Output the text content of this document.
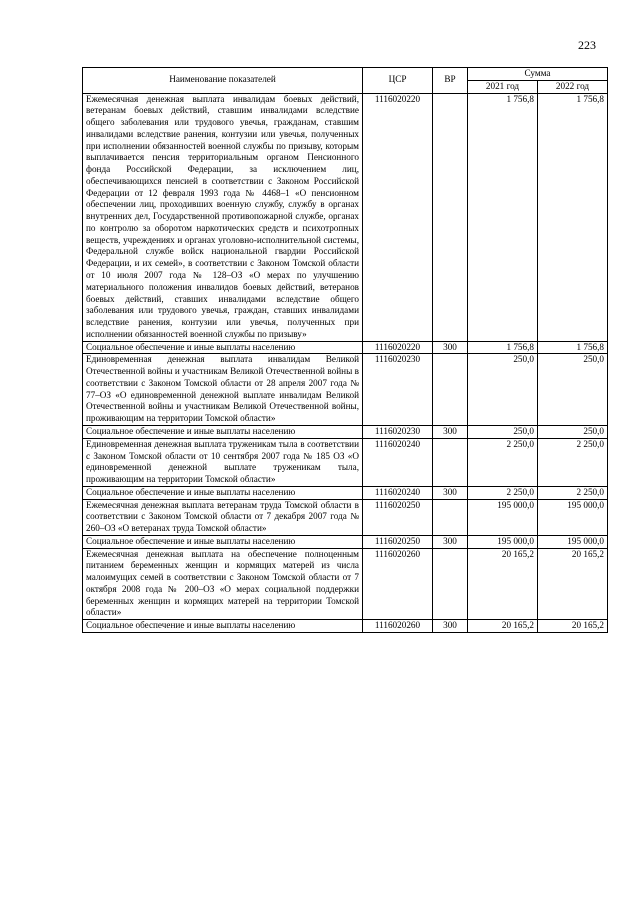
223
Наименование показателей	ЦСР	ВР	Сумма	
			2021 год	2022 год
Ежемесячная денежная выплата инвалидам боевых действий, ветеранам боевых действий, ставшим инвалидами вследствие общего заболевания или трудового увечья, гражданам, ставшим инвалидами вследствие ранения, контузии или увечья, полученных при исполнении обязанностей военной службы по призыву, которым выплачивается пенсия территориальным органом Пенсионного фонда Российской Федерации, за исключением лиц, обеспечивающихся пенсией в соответствии с Законом Российской Федерации от 12 февраля 1993 года № 4468–1 «О пенсионном обеспечении лиц, проходивших военную службу, службу в органах внутренних дел, Государственной противопожарной службе, органах по контролю за оборотом наркотических средств и психотропных веществ, учреждениях и органах уголовно-исполнительной системы, Федеральной службе войск национальной гвардии Российской Федерации, и их семей», в соответствии с Законом Томской области от 10 июля 2007 года № 128–ОЗ «О мерах по улучшению материального положения инвалидов боевых действий, ветеранов боевых действий, ставших инвалидами вследствие общего заболевания или трудового увечья, граждан, ставших инвалидами вследствие ранения, контузии или увечья, полученных при исполнении обязанностей военной службы по призыву»	1116020220		1 756,8	1 756,8
Социальное обеспечение и иные выплаты населению	1116020220	300	1 756,8	1 756,8
Единовременная денежная выплата инвалидам Великой Отечественной войны и участникам Великой Отечественной войны в соответствии с Законом Томской области от 28 апреля 2007 года № 77–ОЗ «О единовременной денежной выплате инвалидам Великой Отечественной войны и участникам Великой Отечественной войны, проживающим на территории Томской области»	1116020230		250,0	250,0
Социальное обеспечение и иные выплаты населению	1116020230	300	250,0	250,0
Единовременная денежная выплата труженикам тыла в соответствии с Законом Томской области от 10 сентября 2007 года № 185 ОЗ «О единовременной денежной выплате труженикам тыла, проживающим на территории Томской области»	1116020240		2 250,0	2 250,0
Социальное обеспечение и иные выплаты населению	1116020240	300	2 250,0	2 250,0
Ежемесячная денежная выплата ветеранам труда Томской области в соответствии с Законом Томской области от 7 декабря 2007 года № 260–ОЗ «О ветеранах труда Томской области»	1116020250		195 000,0	195 000,0
Социальное обеспечение и иные выплаты населению	1116020250	300	195 000,0	195 000,0
Ежемесячная денежная выплата на обеспечение полноценным питанием беременных женщин и кормящих матерей из числа малоимущих семей в соответствии с Законом Томской области от 7 октября 2008 года № 200–ОЗ «О мерах социальной поддержки беременных женщин и кормящих матерей на территории Томской области»	1116020260		20 165,2	20 165,2
Социальное обеспечение и иные выплаты населению	1116020260	300	20 165,2	20 165,2
